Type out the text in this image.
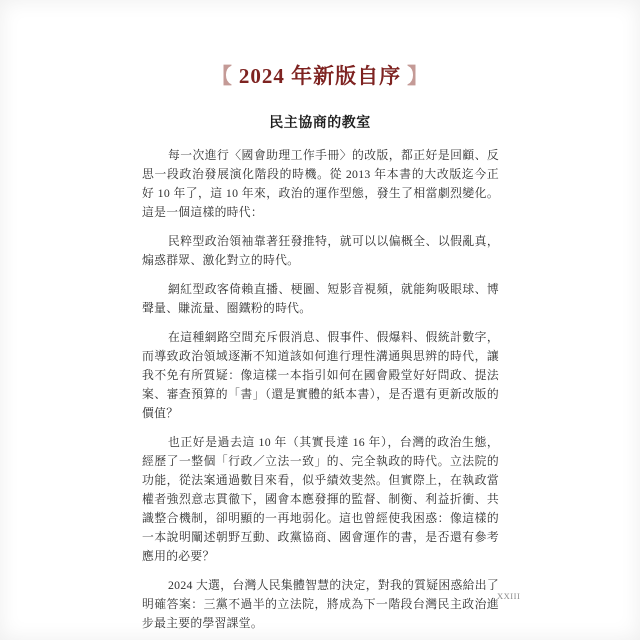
【 2024 年新版自序 】
民主協商的教室

每一次進行〈國會助理工作手冊〉的改版，都正好是回顧、反思一段政治發展演化階段的時機。從 2013 年本書的大改版迄今正好 10 年了，這 10 年來，政治的運作型態，發生了相當劇烈變化。這是一個這樣的時代：

民粹型政治領袖靠著狂發推特，就可以以偏概全、以假亂真，煽惑群眾、激化對立的時代。

網紅型政客倚賴直播、梗圖、短影音視頻，就能夠吸眼球、博聲量、賺流量、圈鐵粉的時代。

在這種網路空間充斥假消息、假事件、假爆料、假統計數字，而導致政治領域逐漸不知道該如何進行理性溝通與思辨的時代，讓我不免有所質疑：像這樣一本指引如何在國會殿堂好好問政、提法案、審查預算的「書」（還是實體的紙本書），是否還有更新改版的價值？

也正好是過去這 10 年（其實長達 16 年），台灣的政治生態，經歷了一整個「行政／立法一致」的、完全執政的時代。立法院的功能，從法案通過數目來看，似乎績效斐然。但實際上，在執政當權者強烈意志貫徹下，國會本應發揮的監督、制衡、利益折衝、共識整合機制，卻明顯的一再地弱化。這也曾經使我困惑：像這樣的一本說明闡述朝野互動、政黨協商、國會運作的書，是否還有參考應用的必要？

2024 大選，台灣人民集體智慧的決定，對我的質疑困惑給出了明確答案：三黨不過半的立法院，將成為下一階段台灣民主政治進步最主要的學習課堂。

XXIII
